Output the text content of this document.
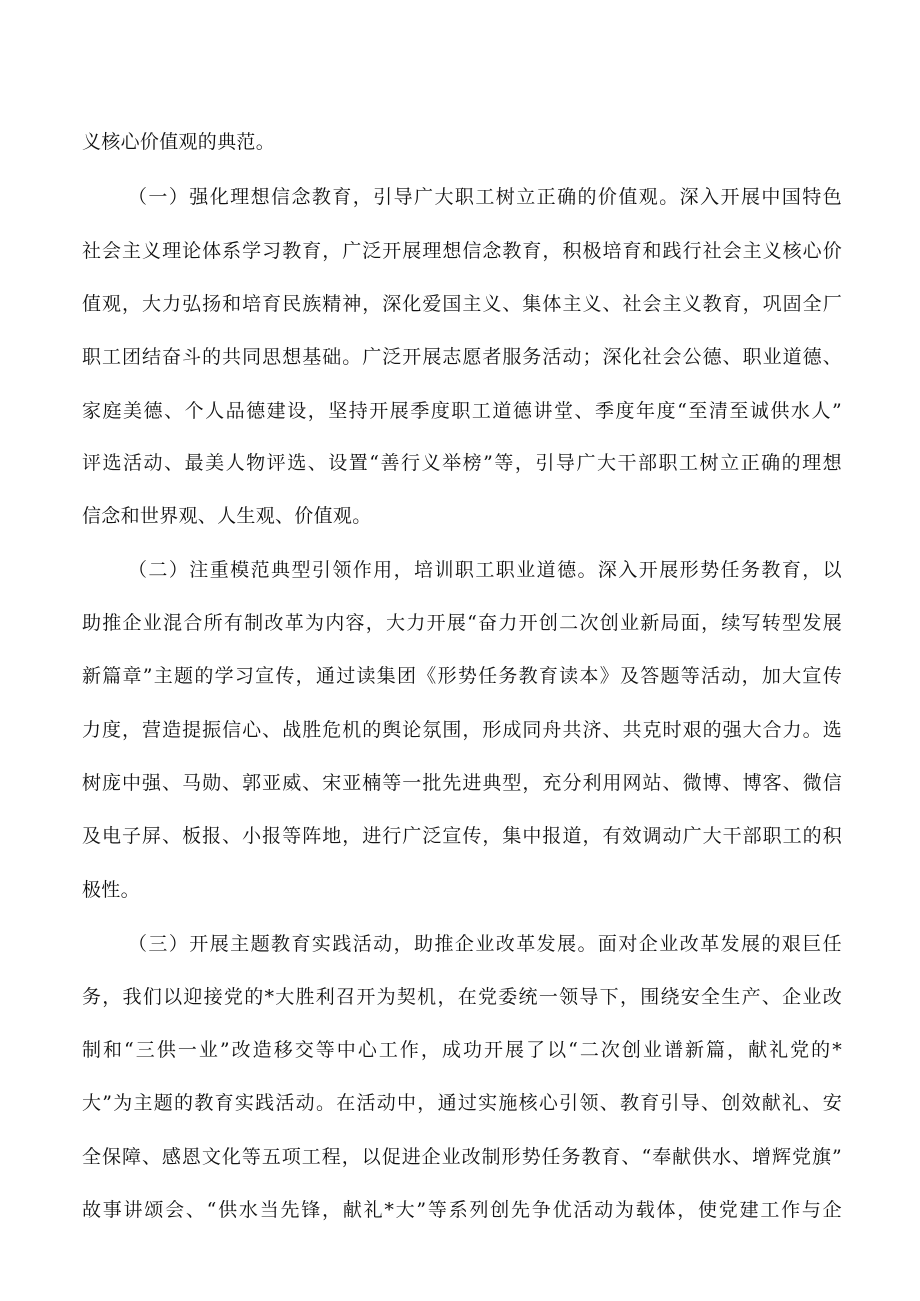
义核心价值观的典范。
（一）强化理想信念教育，引导广大职工树立正确的价值观。深入开展中国特色
社会主义理论体系学习教育，广泛开展理想信念教育，积极培育和践行社会主义核心价
值观，大力弘扬和培育民族精神，深化爱国主义、集体主义、社会主义教育，巩固全厂
职工团结奋斗的共同思想基础。广泛开展志愿者服务活动；深化社会公德、职业道德、
家庭美德、个人品德建设，坚持开展季度职工道德讲堂、季度年度“至清至诚供水人”
评选活动、最美人物评选、设置“善行义举榜”等，引导广大干部职工树立正确的理想
信念和世界观、人生观、价值观。
（二）注重模范典型引领作用，培训职工职业道德。深入开展形势任务教育，以
助推企业混合所有制改革为内容，大力开展“奋力开创二次创业新局面，续写转型发展
新篇章”主题的学习宣传，通过读集团《形势任务教育读本》及答题等活动，加大宣传
力度，营造提振信心、战胜危机的舆论氛围，形成同舟共济、共克时艰的强大合力。选
树庞中强、马勋、郭亚威、宋亚楠等一批先进典型，充分利用网站、微博、博客、微信
及电子屏、板报、小报等阵地，进行广泛宣传，集中报道，有效调动广大干部职工的积
极性。
（三）开展主题教育实践活动，助推企业改革发展。面对企业改革发展的艰巨任
务，我们以迎接党的*大胜利召开为契机，在党委统一领导下，围绕安全生产、企业改
制和“三供一业”改造移交等中心工作，成功开展了以“二次创业谱新篇，献礼党的*
大”为主题的教育实践活动。在活动中，通过实施核心引领、教育引导、创效献礼、安
全保障、感恩文化等五项工程，以促进企业改制形势任务教育、“奉献供水、增辉党旗”
故事讲颂会、“供水当先锋，献礼*大”等系列创先争优活动为载体，使党建工作与企
